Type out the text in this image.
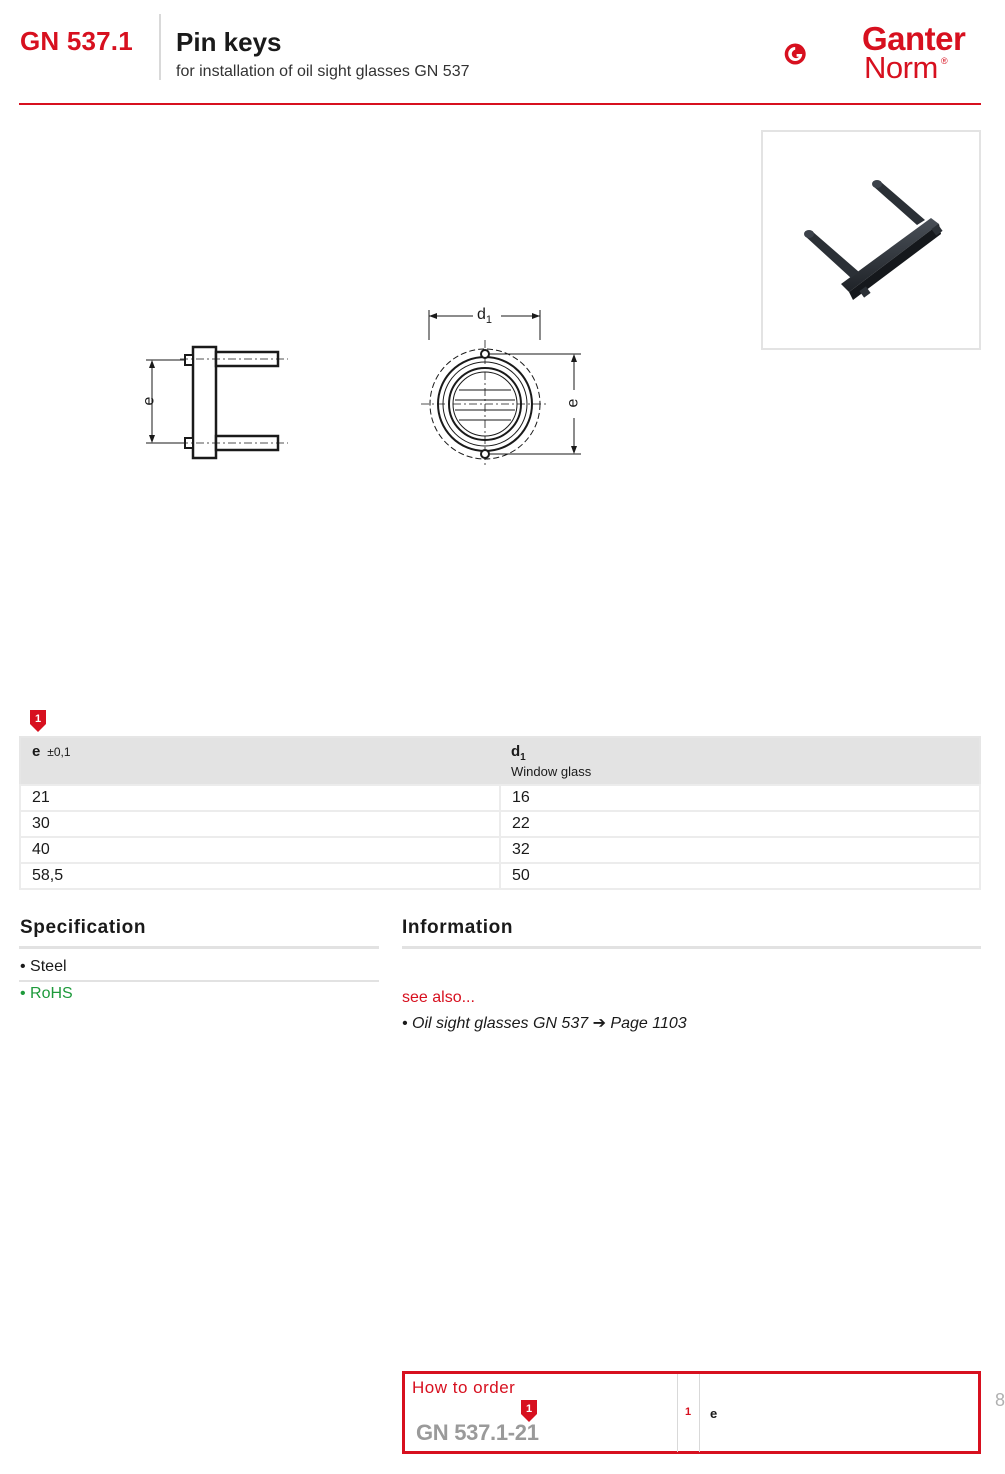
GN 537.1 Pin keys
for installation of oil sight glasses GN 537
Ganter
Norm ®
e
$d_1$
e
1
e ±0,1	$d_1$
Window glass

21	16
30	22
40	32
58,5	50
Specification
• Steel
• RoHS
Information
see also...
• Oil sight glasses GN 537 ➔ Page 1103
How to order
1
GN 537.1-21
1 e
8
